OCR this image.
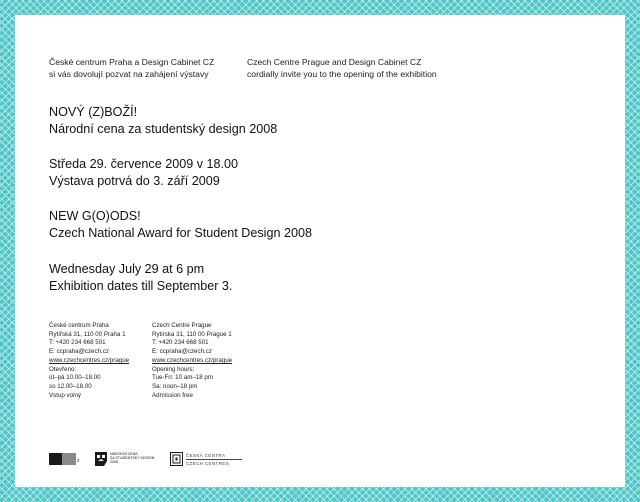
České centrum Praha a Design Cabinet CZ
si vás dovolují pozvat na zahájení výstavy
Czech Centre Prague and Design Cabinet CZ
cordially invite you to the opening of the exhibition
NOVÝ (Z)BOŽÍ!
Národní cena za studentský design 2008
Středa 29. července 2009 v 18.00
Výstava potrvá do 3. září 2009
NEW G(O)ODS!
Czech National Award for Student Design 2008
Wednesday July 29 at 6 pm
Exhibition dates till September 3.
České centrum Praha
Rytířská 31, 110 00 Praha 1
T: +420 234 668 501
E: ccpraha@czech.cz
www.czechcentres.cz/prague
Otevřeno:
út–pá 10.00–18.00
so 12.00–18.00
Vstup volný
Czech Centre Prague
Rytirska 31, 110 00 Prague 1
T: +420 234 668 501
E: ccpraha@czech.cz
www.czechcentres.cz/prague
Opening hours:
Tue-Fri: 10 am–18 pm
Sa: noon–18 pm
Admission free
z
NÁRODNÍ CENA
ZA STUDENTSKÝ DESIGN
2008
ČESKÁ CENTRA
CZECH CENTRES
